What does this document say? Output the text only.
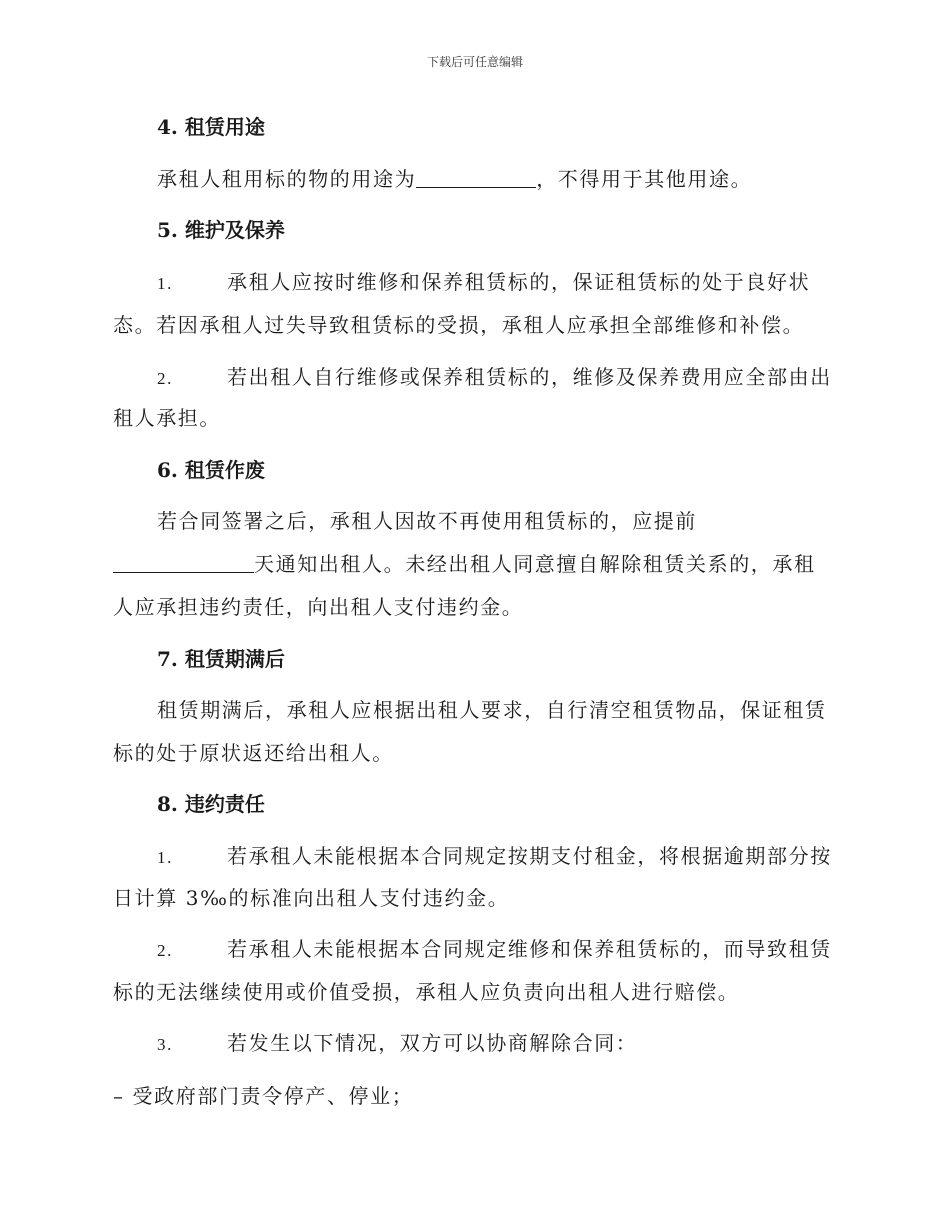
下载后可任意编辑
4. 租赁用途
承租人租用标的物的用途为	，不得用于其他用途。
5. 维护及保养
1.	承租人应按时维修和保养租赁标的，保证租赁标的处于良好状
态。若因承租人过失导致租赁标的受损，承租人应承担全部维修和补偿。
2.	若出租人自行维修或保养租赁标的，维修及保养费用应全部由出
租人承担。
6. 租赁作废
若合同签署之后，承租人因故不再使用租赁标的，应提前
天通知出租人。未经出租人同意擅自解除租赁关系的，承租
人应承担违约责任，向出租人支付违约金。
7. 租赁期满后
租赁期满后，承租人应根据出租人要求，自行清空租赁物品，保证租赁
标的处于原状返还给出租人。
8. 违约责任
1.	若承租人未能根据本合同规定按期支付租金，将根据逾期部分按
日计算 3‰的标准向出租人支付违约金。
2.	若承租人未能根据本合同规定维修和保养租赁标的，而导致租赁
标的无法继续使用或价值受损，承租人应负责向出租人进行赔偿。
3.	若发生以下情况，双方可以协商解除合同：
– 受政府部门责令停产、停业；
